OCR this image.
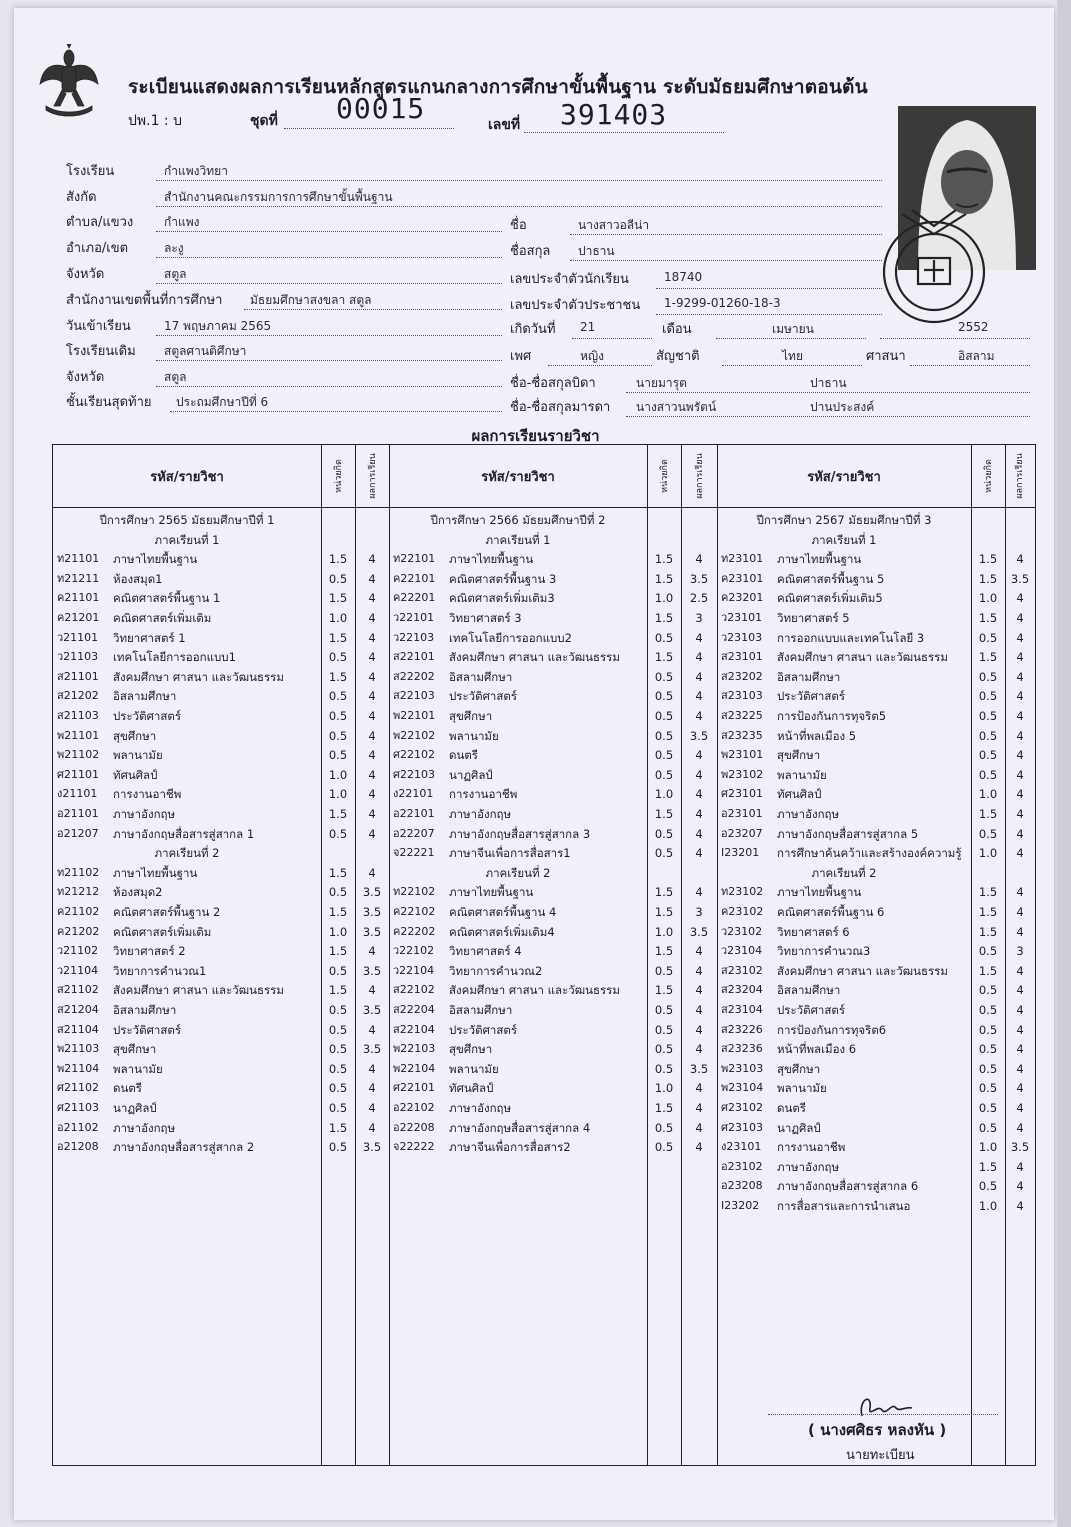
ระเบียนแสดงผลการเรียนหลักสูตรแกนกลางการศึกษาขั้นพื้นฐาน ระดับมัธยมศึกษาตอนต้น
ปพ.1 : บ	ชุดที่ 00015	เลขที่ 391403
โรงเรียน	กำแพงวิทยา
สังกัด	สำนักงานคณะกรรมการการศึกษาขั้นพื้นฐาน
ตำบล/แขวง	กำแพง
อำเภอ/เขต	ละงู
จังหวัด	สตูล
สำนักงานเขตพื้นที่การศึกษา มัธยมศึกษาสงขลา สตูล
วันเข้าเรียน	17 พฤษภาคม 2565
โรงเรียนเดิม สตูลศานติศึกษา
จังหวัด	สตูล
ชั้นเรียนสุดท้าย ประถมศึกษาปีที่ 6
ชื่อ	นางสาวอลีน่า
ชื่อสกุล ปาธาน
เลขประจำตัวนักเรียน	18740
เลขประจำตัวประชาชน 1-9299-01260-18-3
เกิดวันที่ 21	เดือน	เมษายน	2552
เพศ	หญิง	สัญชาติ	ไทย	ศาสนา	อิสลาม
ชื่อ-ชื่อสกุลบิดา	นายมารุต	ปาธาน
ชื่อ-ชื่อสกุลมารดา นางสาวนพรัตน์	ปานประสงค์
ผลการเรียนรายวิชา
รหัส/รายวิชา	หน่วยกิต	ผลการเรียน	รหัส/รายวิชา	หน่วยกิต	ผลการเรียน	รหัส/รายวิชา	หน่วยกิต	ผลการเรียน
ปีการศึกษา 2565 มัธยมศึกษาปีที่ 1
ภาคเรียนที่ 1
ท21101	ภาษาไทยพื้นฐาน	1.5	4
ท21211	ห้องสมุด1	0.5	4
ค21101	คณิตศาสตร์พื้นฐาน 1	1.5	4
ค21201	คณิตศาสตร์เพิ่มเติม	1.0	4
ว21101	วิทยาศาสตร์ 1	1.5	4
ว21103	เทคโนโลยีการออกแบบ1	0.5	4
ส21101	สังคมศึกษา ศาสนา และวัฒนธรรม	1.5	4
ส21202	อิสลามศึกษา	0.5	4
ส21103	ประวัติศาสตร์	0.5	4
พ21101	สุขศึกษา	0.5	4
พ21102	พลานามัย	0.5	4
ศ21101	ทัศนศิลป์	1.0	4
ง21101	การงานอาชีพ	1.0	4
อ21101	ภาษาอังกฤษ	1.5	4
อ21207	ภาษาอังกฤษสื่อสารสู่สากล 1	0.5	4
ภาคเรียนที่ 2
ท21102	ภาษาไทยพื้นฐาน	1.5	4
ท21212	ห้องสมุด2	0.5	3.5
ค21102	คณิตศาสตร์พื้นฐาน 2	1.5	3.5
ค21202	คณิตศาสตร์เพิ่มเติม	1.0	3.5
ว21102	วิทยาศาสตร์ 2	1.5	4
ว21104	วิทยาการคำนวณ1	0.5	3.5
ส21102	สังคมศึกษา ศาสนา และวัฒนธรรม	1.5	4
ส21204	อิสลามศึกษา	0.5	3.5
ส21104	ประวัติศาสตร์	0.5	4
พ21103	สุขศึกษา	0.5	3.5
พ21104	พลานามัย	0.5	4
ศ21102	ดนตรี	0.5	4
ศ21103	นาฏศิลป์	0.5	4
อ21102	ภาษาอังกฤษ	1.5	4
อ21208	ภาษาอังกฤษสื่อสารสู่สากล 2	0.5	3.5
ปีการศึกษา 2566 มัธยมศึกษาปีที่ 2
ภาคเรียนที่ 1
ท22101	ภาษาไทยพื้นฐาน	1.5	4
ค22101	คณิตศาสตร์พื้นฐาน 3	1.5	3.5
ค22201	คณิตศาสตร์เพิ่มเติม3	1.0	2.5
ว22101	วิทยาศาสตร์ 3	1.5	3
ว22103	เทคโนโลยีการออกแบบ2	0.5	4
ส22101	สังคมศึกษา ศาสนา และวัฒนธรรม	1.5	4
ส22202	อิสลามศึกษา	0.5	4
ส22103	ประวัติศาสตร์	0.5	4
พ22101	สุขศึกษา	0.5	4
พ22102	พลานามัย	0.5	3.5
ศ22102	ดนตรี	0.5	4
ศ22103	นาฏศิลป์	0.5	4
ง22101	การงานอาชีพ	1.0	4
อ22101	ภาษาอังกฤษ	1.5	4
อ22207	ภาษาอังกฤษสื่อสารสู่สากล 3	0.5	4
จ22221	ภาษาจีนเพื่อการสื่อสาร1	0.5	4
ภาคเรียนที่ 2
ท22102	ภาษาไทยพื้นฐาน	1.5	4
ค22102	คณิตศาสตร์พื้นฐาน 4	1.5	3
ค22202	คณิตศาสตร์เพิ่มเติม4	1.0	3.5
ว22102	วิทยาศาสตร์ 4	1.5	4
ว22104	วิทยาการคำนวณ2	0.5	4
ส22102	สังคมศึกษา ศาสนา และวัฒนธรรม	1.5	4
ส22204	อิสลามศึกษา	0.5	4
ส22104	ประวัติศาสตร์	0.5	4
พ22103	สุขศึกษา	0.5	4
พ22104	พลานามัย	0.5	3.5
ศ22101	ทัศนศิลป์	1.0	4
อ22102	ภาษาอังกฤษ	1.5	4
อ22208	ภาษาอังกฤษสื่อสารสู่สากล 4	0.5	4
จ22222	ภาษาจีนเพื่อการสื่อสาร2	0.5	4
ปีการศึกษา 2567 มัธยมศึกษาปีที่ 3
ภาคเรียนที่ 1
ท23101	ภาษาไทยพื้นฐาน	1.5	4
ค23101	คณิตศาสตร์พื้นฐาน 5	1.5	3.5
ค23201	คณิตศาสตร์เพิ่มเติม5	1.0	4
ว23101	วิทยาศาสตร์ 5	1.5	4
ว23103	การออกแบบและเทคโนโลยี 3	0.5	4
ส23101	สังคมศึกษา ศาสนา และวัฒนธรรม	1.5	4
ส23202	อิสลามศึกษา	0.5	4
ส23103	ประวัติศาสตร์	0.5	4
ส23225	การป้องกันการทุจริต5	0.5	4
ส23235	หน้าที่พลเมือง 5	0.5	4
พ23101	สุขศึกษา	0.5	4
พ23102	พลานามัย	0.5	4
ศ23101	ทัศนศิลป์	1.0	4
อ23101	ภาษาอังกฤษ	1.5	4
อ23207	ภาษาอังกฤษสื่อสารสู่สากล 5	0.5	4
I23201	การศึกษาค้นคว้าและสร้างองค์ความรู้	1.0	4
ภาคเรียนที่ 2
ท23102	ภาษาไทยพื้นฐาน	1.5	4
ค23102	คณิตศาสตร์พื้นฐาน 6	1.5	4
ว23102	วิทยาศาสตร์ 6	1.5	4
ว23104	วิทยาการคำนวณ3	0.5	3
ส23102	สังคมศึกษา ศาสนา และวัฒนธรรม	1.5	4
ส23204	อิสลามศึกษา	0.5	4
ส23104	ประวัติศาสตร์	0.5	4
ส23226	การป้องกันการทุจริต6	0.5	4
ส23236	หน้าที่พลเมือง 6	0.5	4
พ23103	สุขศึกษา	0.5	4
พ23104	พลานามัย	0.5	4
ศ23102	ดนตรี	0.5	4
ศ23103	นาฏศิลป์	0.5	4
ง23101	การงานอาชีพ	1.0	3.5
อ23102	ภาษาอังกฤษ	1.5	4
อ23208	ภาษาอังกฤษสื่อสารสู่สากล 6	0.5	4
I23202	การสื่อสารและการนำเสนอ	1.0	4
( นางศศิธร หลงหัน )
นายทะเบียน
